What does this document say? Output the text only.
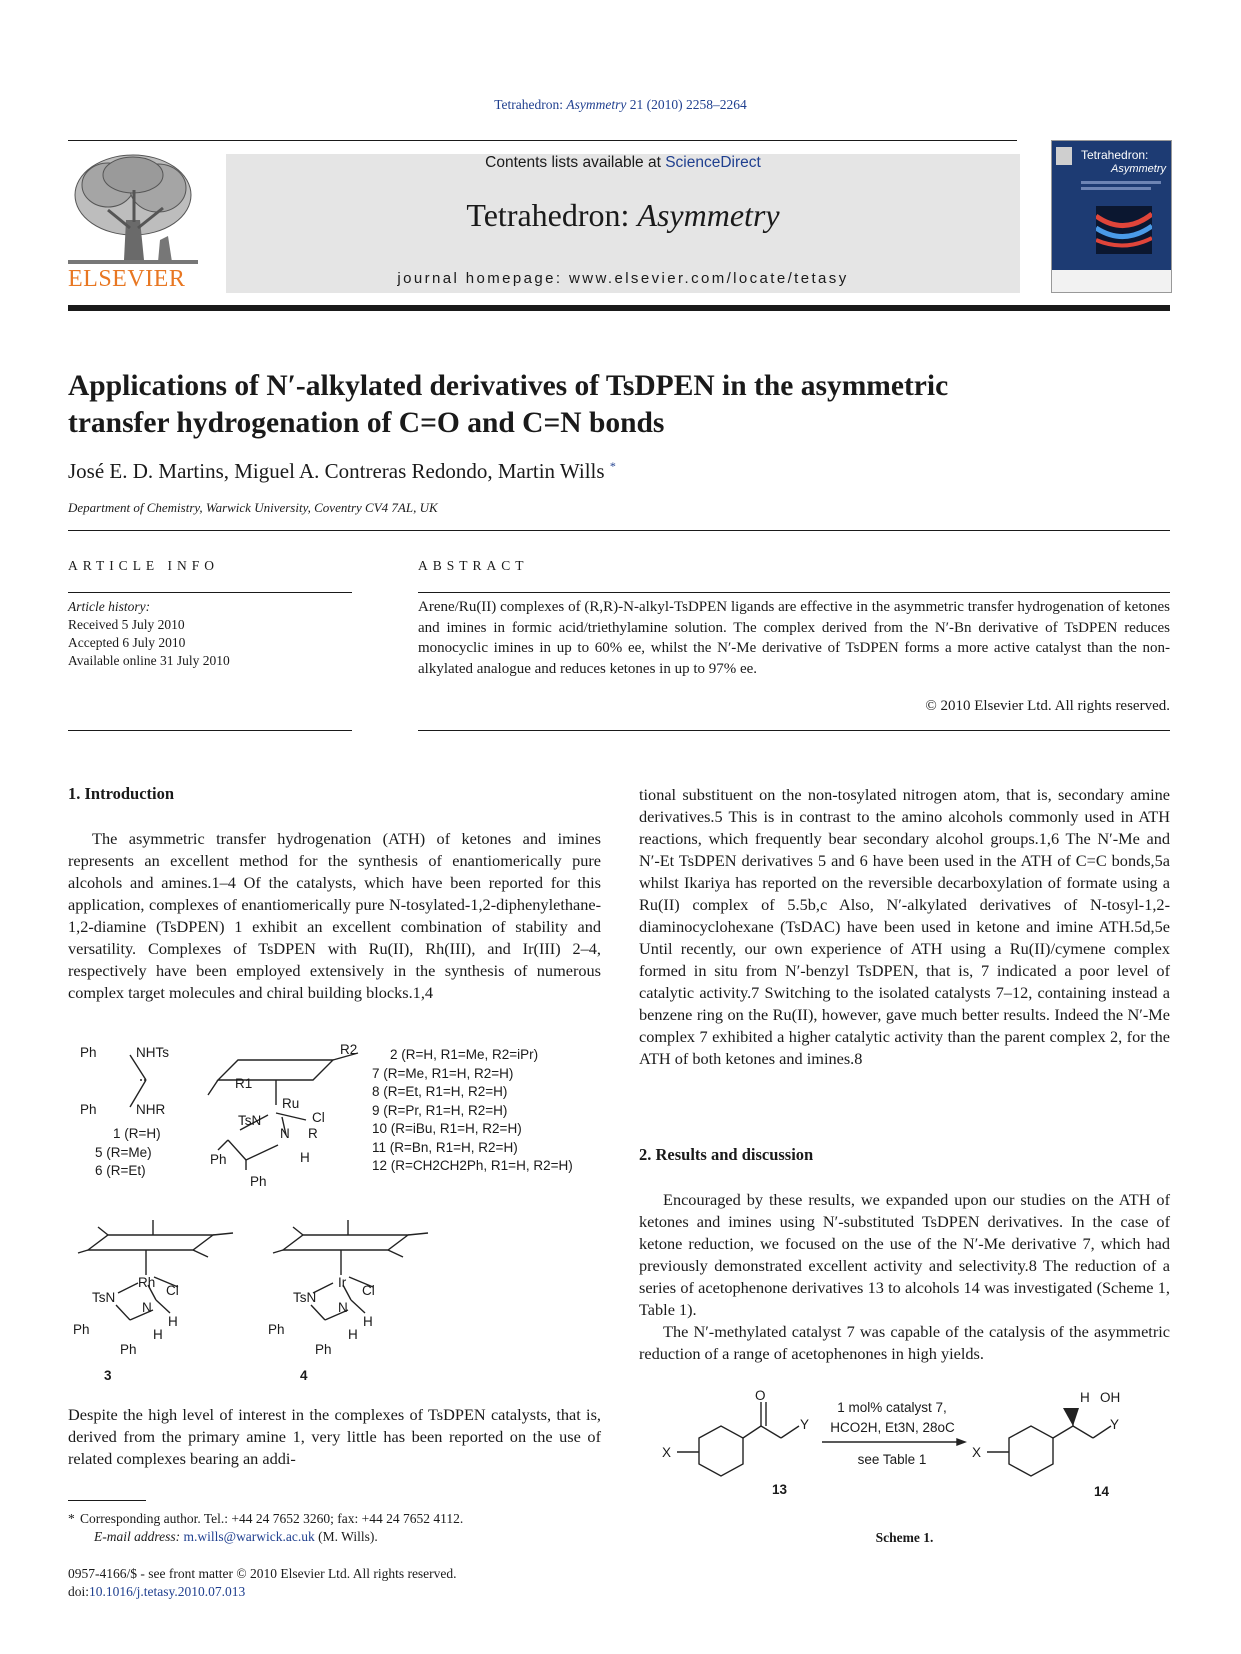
Tetrahedron: Asymmetry 21 (2010) 2258–2264
ELSEVIER
Contents lists available at ScienceDirect
Tetrahedron: Asymmetry
journal homepage: www.elsevier.com/locate/tetasy
Tetrahedron:
Asymmetry
Applications of N′-alkylated derivatives of TsDPEN in the asymmetric
transfer hydrogenation of C=O and C=N bonds
José E. D. Martins, Miguel A. Contreras Redondo, Martin Wills *
Department of Chemistry, Warwick University, Coventry CV4 7AL, UK
ARTICLE INFO
Article history:
Received 5 July 2010
Accepted 6 July 2010
Available online 31 July 2010
ABSTRACT
Arene/Ru(II) complexes of (R,R)-N-alkyl-TsDPEN ligands are effective in the asymmetric transfer hydrogenation of ketones and imines in formic acid/triethylamine solution. The complex derived from the N′-Bn derivative of TsDPEN reduces monocyclic imines in up to 60% ee, whilst the N′-Me derivative of TsDPEN forms a more active catalyst than the non-alkylated analogue and reduces ketones in up to 97% ee.
© 2010 Elsevier Ltd. All rights reserved.
1. Introduction

The asymmetric transfer hydrogenation (ATH) of ketones and imines represents an excellent method for the synthesis of enantiomerically pure alcohols and amines.1–4 Of the catalysts, which have been reported for this application, complexes of enantiomerically pure N-tosylated-1,2-diphenylethane-1,2-diamine (TsDPEN) 1 exhibit an excellent combination of stability and versatility. Complexes of TsDPEN with Ru(II), Rh(III), and Ir(III) 2–4, respectively have been employed extensively in the synthesis of numerous complex target molecules and chiral building blocks.1,4

Ph	NHTs
Ph	NHR
1 (R=H)
5 (R=Me)
6 (R=Et)
R2
R1
Ru
Cl
TsN
N R
H
Ph
Ph
2 (R=H, R1=Me, R2=iPr)
7 (R=Me, R1=H, R2=H)
8 (R=Et, R1=H, R2=H)
9 (R=Pr, R1=H, R2=H)
10 (R=iBu, R1=H, R2=H)
11 (R=Bn, R1=H, R2=H)
12 (R=CH2CH2Ph, R1=H, R2=H)
Rh
Cl
TsN
N
H
H
Ph
Ph
3
Ir
Cl
TsN
N
H
H
Ph
Ph
4

Despite the high level of interest in the complexes of TsDPEN catalysts, that is, derived from the primary amine 1, very little has been reported on the use of related complexes bearing an addi-

* Corresponding author. Tel.: +44 24 7652 3260; fax: +44 24 7652 4112.
E-mail address: m.wills@warwick.ac.uk (M. Wills).
0957-4166/$ - see front matter © 2010 Elsevier Ltd. All rights reserved.
doi:10.1016/j.tetasy.2010.07.013

tional substituent on the non-tosylated nitrogen atom, that is, secondary amine derivatives.5 This is in contrast to the amino alcohols commonly used in ATH reactions, which frequently bear secondary alcohol groups.1,6 The N′-Me and N′-Et TsDPEN derivatives 5 and 6 have been used in the ATH of C=C bonds,5a whilst Ikariya has reported on the reversible decarboxylation of formate using a Ru(II) complex of 5.5b,c Also, N′-alkylated derivatives of N-tosyl-1,2-diaminocyclohexane (TsDAC) have been used in ketone and imine ATH.5d,5e Until recently, our own experience of ATH using a Ru(II)/cymene complex formed in situ from N′-benzyl TsDPEN, that is, 7 indicated a poor level of catalytic activity.7 Switching to the isolated catalysts 7–12, containing instead a benzene ring on the Ru(II), however, gave much better results. Indeed the N′-Me complex 7 exhibited a higher catalytic activity than the parent complex 2, for the ATH of both ketones and imines.8

2. Results and discussion

Encouraged by these results, we expanded upon our studies on the ATH of ketones and imines using N′-substituted TsDPEN derivatives. In the case of ketone reduction, we focused on the use of the N′-Me derivative 7, which had previously demonstrated excellent activity and selectivity.8 The reduction of a series of acetophenone derivatives 13 to alcohols 14 was investigated (Scheme 1, Table 1).

The N′-methylated catalyst 7 was capable of the catalysis of the asymmetric reduction of a range of acetophenones in high yields.

O
Y
X
H OH
Y
X
1 mol% catalyst 7,
HCO2H, Et3N, 28oC
see Table 1
13	14
Scheme 1.
